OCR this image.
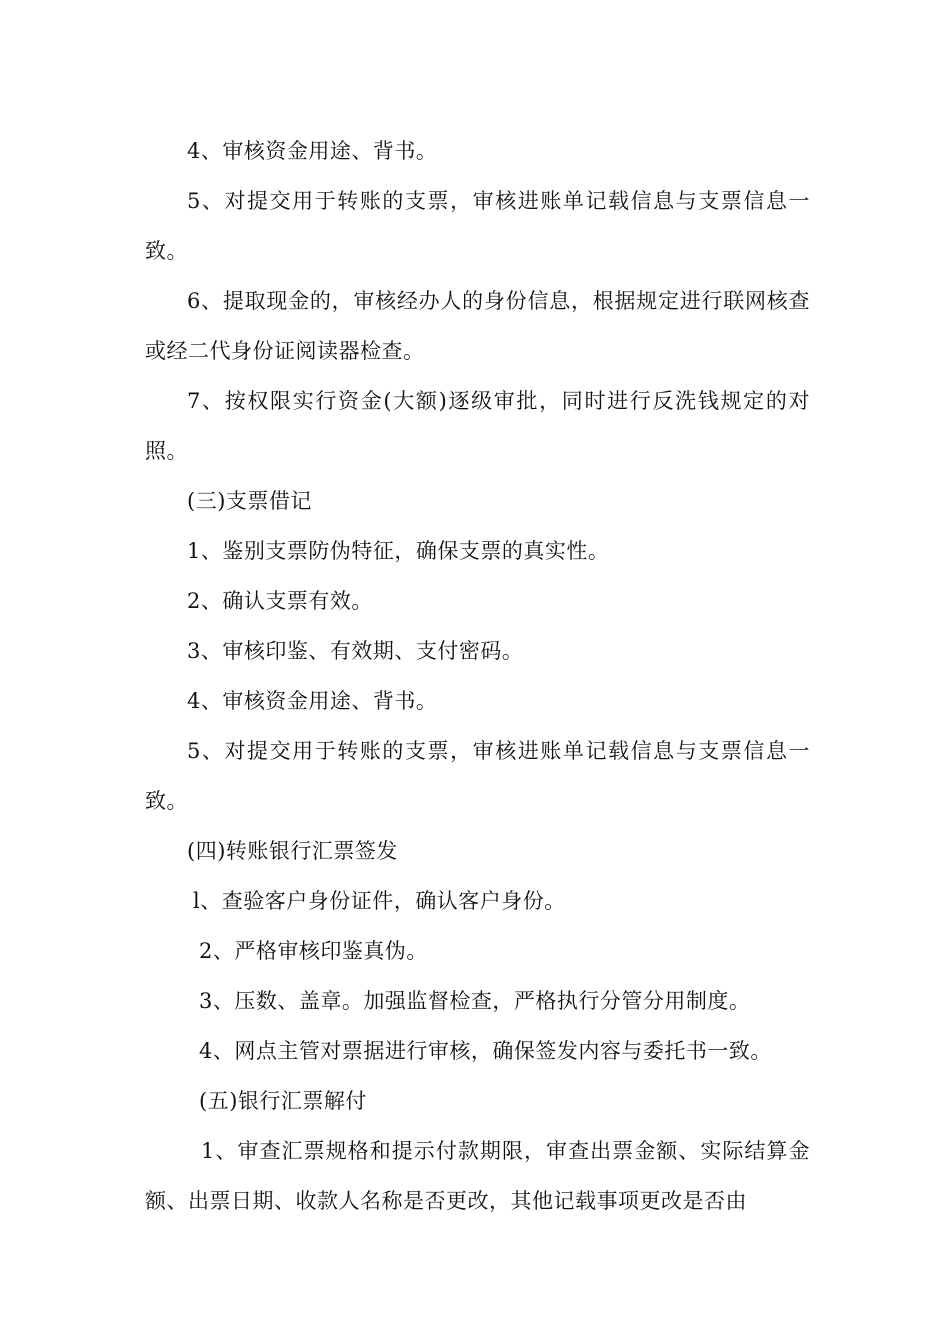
4、审核资金用途、背书。

5、对提交用于转账的支票，审核进账单记载信息与支票信息一致。

6、提取现金的，审核经办人的身份信息，根据规定进行联网核查或经二代身份证阅读器检查。

7、按权限实行资金(大额)逐级审批，同时进行反洗钱规定的对照。

(三)支票借记

1、鉴别支票防伪特征，确保支票的真实性。

2、确认支票有效。

3、审核印鉴、有效期、支付密码。

4、审核资金用途、背书。

5、对提交用于转账的支票，审核进账单记载信息与支票信息一致。

(四)转账银行汇票签发

l、查验客户身份证件，确认客户身份。

2、严格审核印鉴真伪。

3、压数、盖章。加强监督检查，严格执行分管分用制度。

4、网点主管对票据进行审核，确保签发内容与委托书一致。

(五)银行汇票解付

1、审查汇票规格和提示付款期限，审查出票金额、实际结算金额、出票日期、收款人名称是否更改，其他记载事项更改是否由
